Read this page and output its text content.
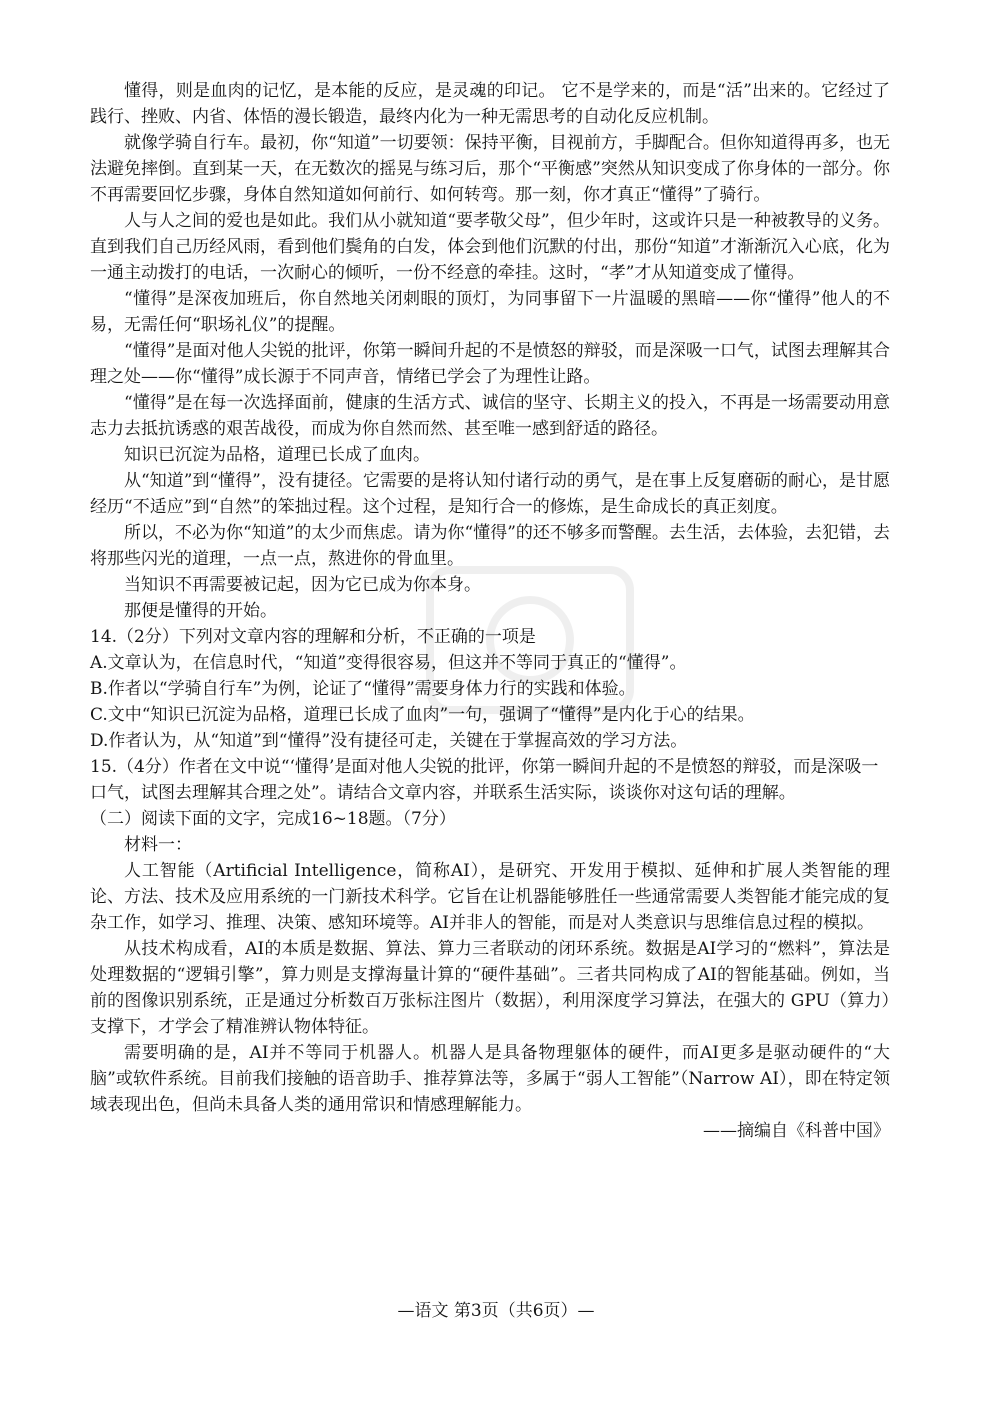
懂得，则是血肉的记忆，是本能的反应，是灵魂的印记。 它不是学来的，而是“活”出来的。它经过了践行、挫败、内省、体悟的漫长锻造，最终内化为一种无需思考的自动化反应机制。

就像学骑自行车。最初，你“知道”一切要领：保持平衡，目视前方，手脚配合。但你知道得再多，也无法避免摔倒。直到某一天，在无数次的摇晃与练习后，那个“平衡感”突然从知识变成了你身体的一部分。你不再需要回忆步骤，身体自然知道如何前行、如何转弯。那一刻，你才真正“懂得”了骑行。

人与人之间的爱也是如此。我们从小就知道“要孝敬父母”，但少年时，这或许只是一种被教导的义务。直到我们自己历经风雨，看到他们鬓角的白发，体会到他们沉默的付出，那份“知道”才渐渐沉入心底，化为一通主动拨打的电话，一次耐心的倾听，一份不经意的牵挂。这时，“孝”才从知道变成了懂得。

“懂得”是深夜加班后，你自然地关闭刺眼的顶灯，为同事留下一片温暖的黑暗——你“懂得”他人的不易，无需任何“职场礼仪”的提醒。

“懂得”是面对他人尖锐的批评，你第一瞬间升起的不是愤怒的辩驳，而是深吸一口气，试图去理解其合理之处——你“懂得”成长源于不同声音，情绪已学会了为理性让路。

“懂得”是在每一次选择面前，健康的生活方式、诚信的坚守、长期主义的投入，不再是一场需要动用意志力去抵抗诱惑的艰苦战役，而成为你自然而然、甚至唯一感到舒适的路径。

知识已沉淀为品格，道理已长成了血肉。

从“知道”到“懂得”，没有捷径。它需要的是将认知付诸行动的勇气，是在事上反复磨砺的耐心，是甘愿经历“不适应”到“自然”的笨拙过程。这个过程，是知行合一的修炼，是生命成长的真正刻度。

所以，不必为你“知道”的太少而焦虑。请为你“懂得”的还不够多而警醒。去生活，去体验，去犯错，去将那些闪光的道理，一点一点，熬进你的骨血里。

当知识不再需要被记起，因为它已成为你本身。

那便是懂得的开始。

14.（2分）下列对文章内容的理解和分析，不正确的一项是

A.文章认为，在信息时代，“知道”变得很容易，但这并不等同于真正的“懂得”。

B.作者以“学骑自行车”为例，论证了“懂得”需要身体力行的实践和体验。

C.文中“知识已沉淀为品格，道理已长成了血肉”一句，强调了“懂得”是内化于心的结果。

D.作者认为，从“知道”到“懂得”没有捷径可走，关键在于掌握高效的学习方法。

15.（4分）作者在文中说“‘懂得’是面对他人尖锐的批评，你第一瞬间升起的不是愤怒的辩驳，而是深吸一口气，试图去理解其合理之处”。请结合文章内容，并联系生活实际，谈谈你对这句话的理解。

（二）阅读下面的文字，完成16~18题。（7分）

材料一：

人工智能（Artificial Intelligence，简称AI），是研究、开发用于模拟、延伸和扩展人类智能的理论、方法、技术及应用系统的一门新技术科学。它旨在让机器能够胜任一些通常需要人类智能才能完成的复杂工作，如学习、推理、决策、感知环境等。AI并非人的智能，而是对人类意识与思维信息过程的模拟。

从技术构成看，AI的本质是数据、算法、算力三者联动的闭环系统。数据是AI学习的“燃料”，算法是处理数据的“逻辑引擎”，算力则是支撑海量计算的“硬件基础”。三者共同构成了AI的智能基础。例如，当前的图像识别系统，正是通过分析数百万张标注图片（数据），利用深度学习算法，在强大的 GPU（算力）支撑下，才学会了精准辨认物体特征。

需要明确的是，AI并不等同于机器人。机器人是具备物理躯体的硬件，而AI更多是驱动硬件的“大脑”或软件系统。目前我们接触的语音助手、推荐算法等，多属于“弱人工智能”（Narrow AI），即在特定领域表现出色，但尚未具备人类的通用常识和情感理解能力。

——摘编自《科普中国》

—语文 第3页（共6页）—
